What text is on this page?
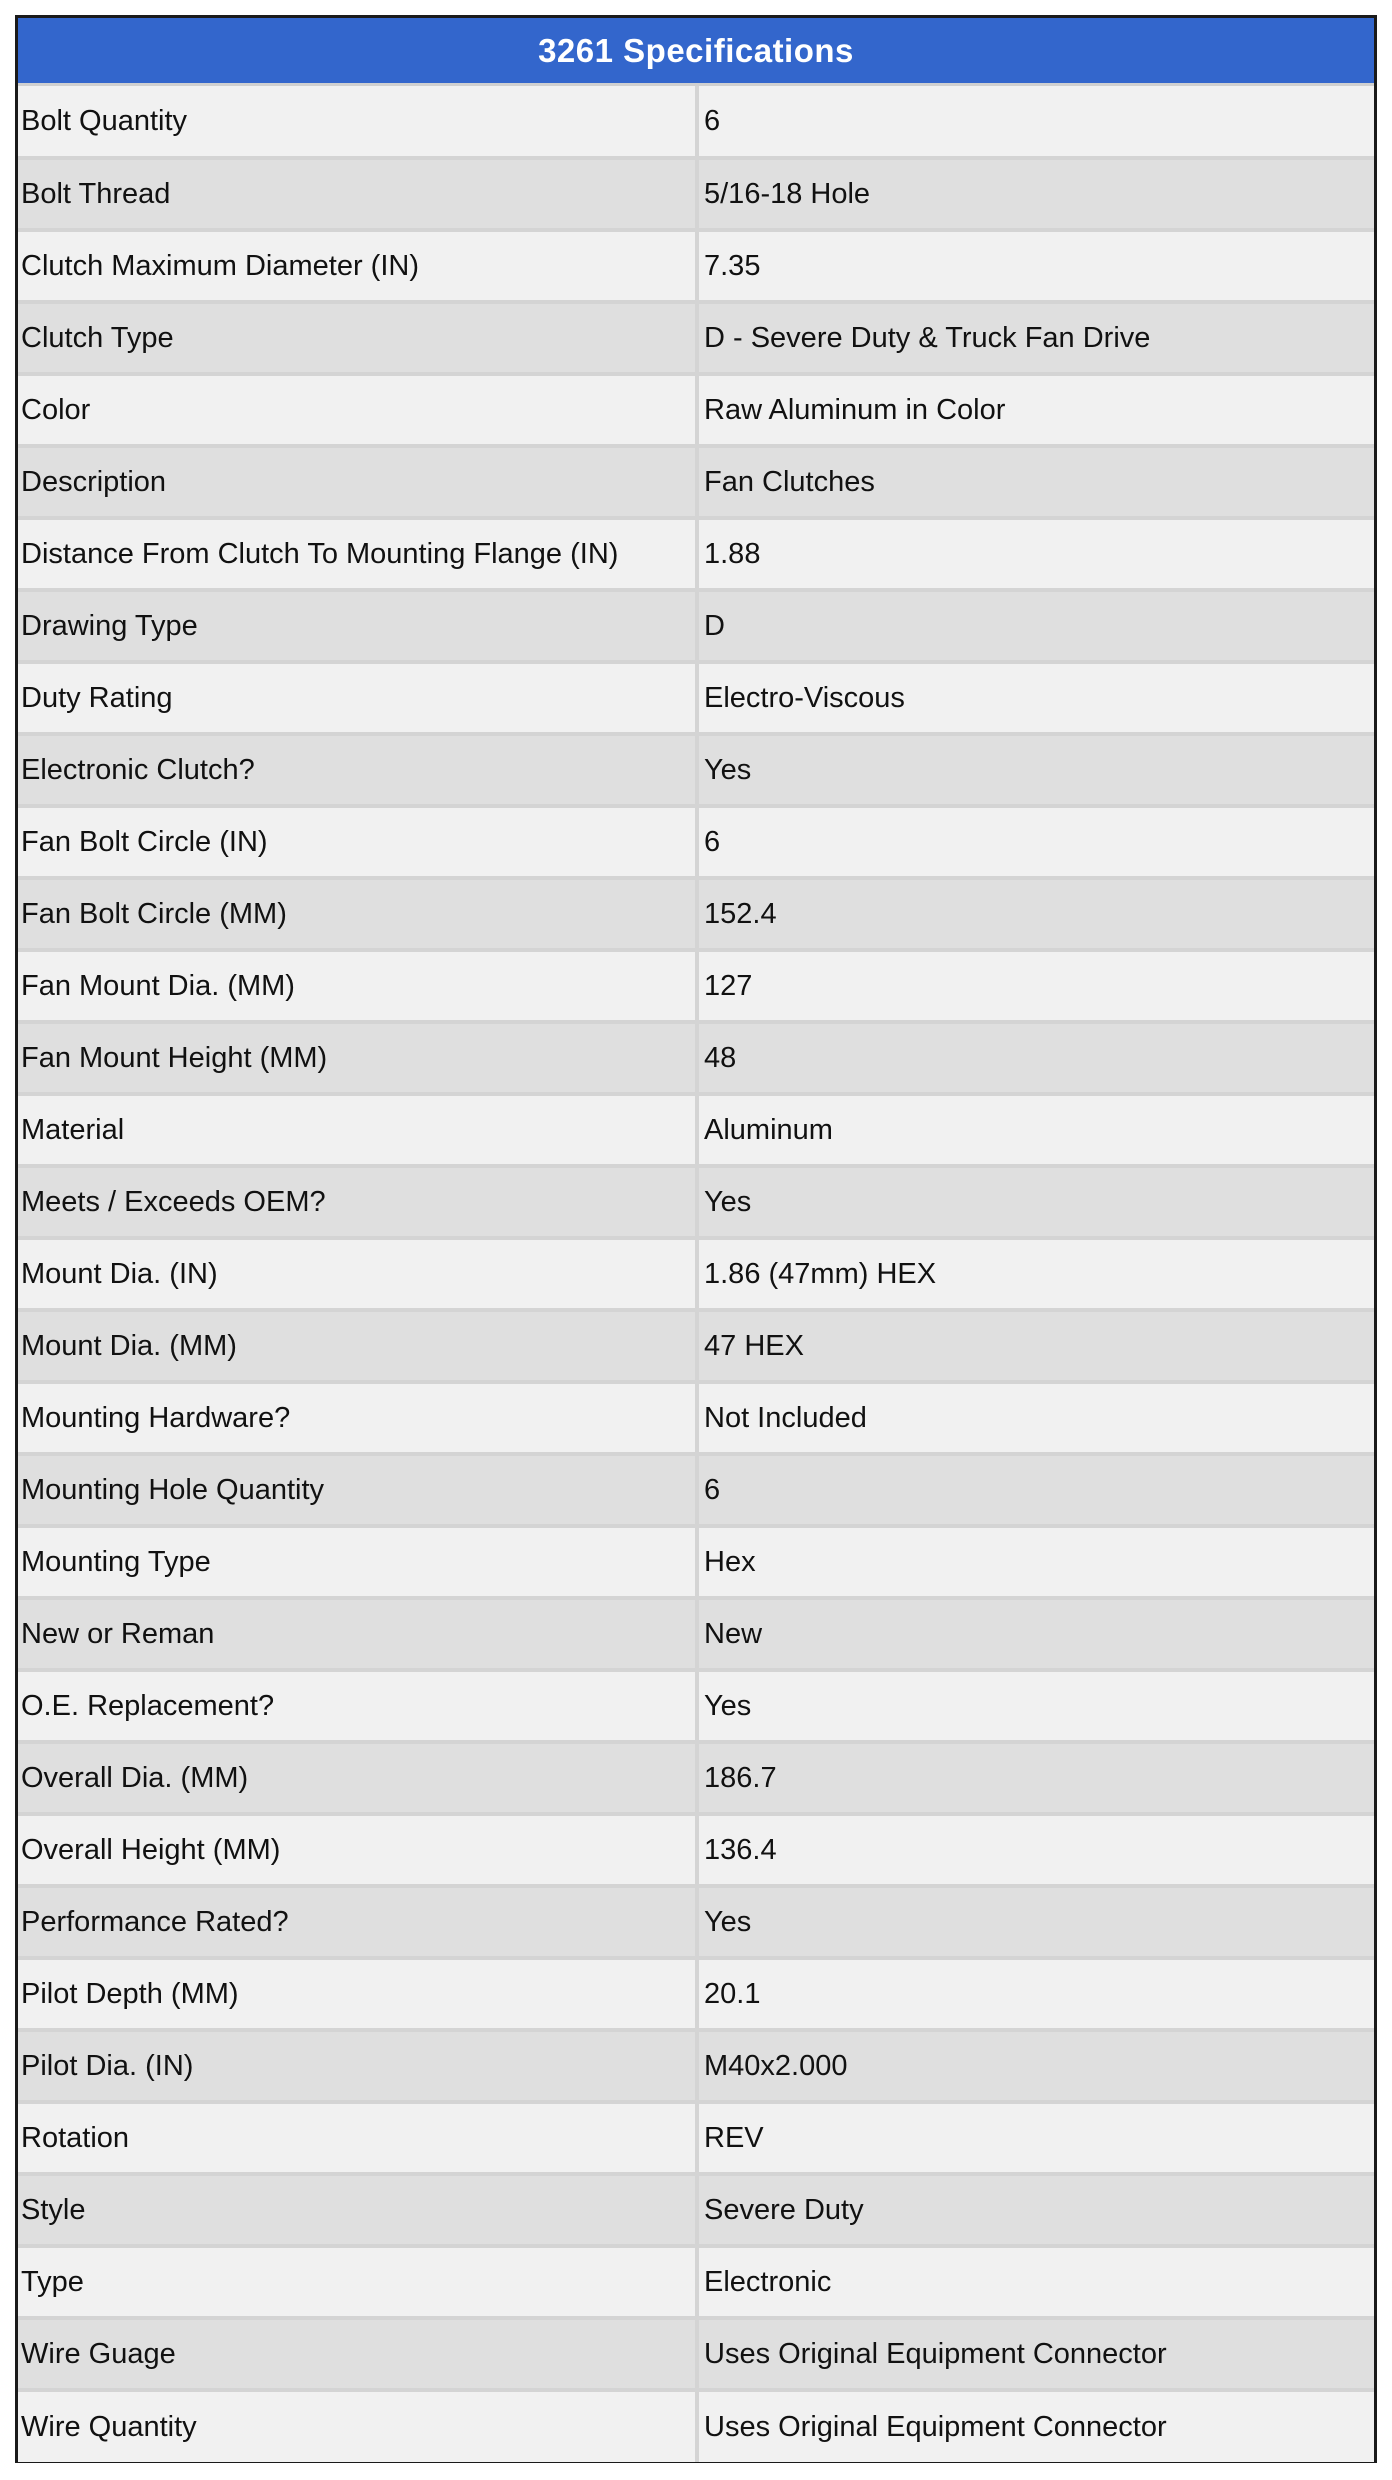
3261 Specifications
Bolt Quantity	6
Bolt Thread	5/16-18 Hole
Clutch Maximum Diameter (IN)	7.35
Clutch Type	D - Severe Duty & Truck Fan Drive
Color	Raw Aluminum in Color
Description	Fan Clutches
Distance From Clutch To Mounting Flange (IN)	1.88
Drawing Type	D
Duty Rating	Electro-Viscous
Electronic Clutch?	Yes
Fan Bolt Circle (IN)	6
Fan Bolt Circle (MM)	152.4
Fan Mount Dia. (MM)	127
Fan Mount Height (MM)	48
Material	Aluminum
Meets / Exceeds OEM?	Yes
Mount Dia. (IN)	1.86 (47mm) HEX
Mount Dia. (MM)	47 HEX
Mounting Hardware?	Not Included
Mounting Hole Quantity	6
Mounting Type	Hex
New or Reman	New
O.E. Replacement?	Yes
Overall Dia. (MM)	186.7
Overall Height (MM)	136.4
Performance Rated?	Yes
Pilot Depth (MM)	20.1
Pilot Dia. (IN)	M40x2.000
Rotation	REV
Style	Severe Duty
Type	Electronic
Wire Guage	Uses Original Equipment Connector
Wire Quantity	Uses Original Equipment Connector
